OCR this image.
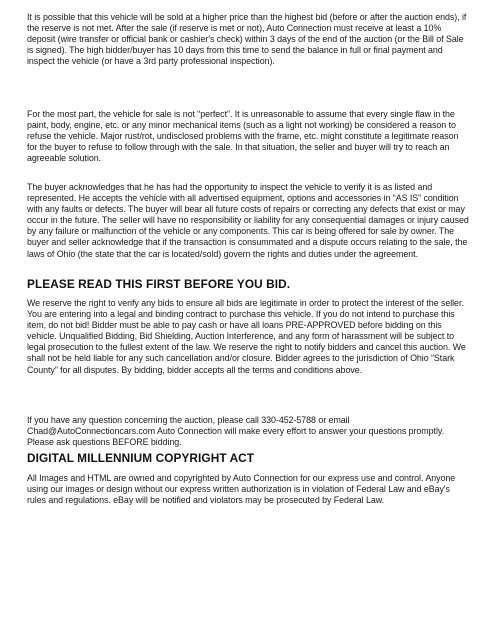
It is possible that this vehicle will be sold at a higher price than the highest bid (before or after the auction ends), if the reserve is not met. After the sale (if reserve is met or not), Auto Connection must receive at least a 10% deposit (wire transfer or official bank or cashier's check) within 3 days of the end of the auction (or the Bill of Sale is signed). The high bidder/buyer has 10 days from this time to send the balance in full or final payment and inspect the vehicle (or have a 3rd party professional inspection).

For the most part, the vehicle for sale is not “perfect”. It is unreasonable to assume that every single flaw in the paint, body, engine, etc. or any minor mechanical items (such as a light not working) be considered a reason to refuse the vehicle. Major rust/rot, undisclosed problems with the frame, etc. might constitute a legitimate reason for the buyer to refuse to follow through with the sale. In that situation, the seller and buyer will try to reach an agreeable solution.

The buyer acknowledges that he has had the opportunity to inspect the vehicle to verify it is as listed and represented. He accepts the vehicle with all advertised equipment, options and accessories in “AS IS” condition with any faults or defects. The buyer will bear all future costs of repairs or correcting any defects that exist or may occur in the future. The seller will have no responsibility or liability for any consequential damages or injury caused by any failure or malfunction of the vehicle or any components. This car is being offered for sale by owner. The buyer and seller acknowledge that if the transaction is consummated and a dispute occurs relating to the sale, the laws of Ohio (the state that the car is located/sold) govern the rights and duties under the agreement.

PLEASE READ THIS FIRST BEFORE YOU BID.

We reserve the right to verify any bids to ensure all bids are legitimate in order to protect the interest of the seller. You are entering into a legal and binding contract to purchase this vehicle. If you do not intend to purchase this item, do not bid! Bidder must be able to pay cash or have all loans PRE-APPROVED before bidding on this vehicle. Unqualified Bidding, Bid Shielding, Auction Interference, and any form of harassment will be subject to legal prosecution to the fullest extent of the law. We reserve the right to notify bidders and cancel this auction. We shall not be held liable for any such cancellation and/or closure. Bidder agrees to the jurisdiction of Ohio “Stark County” for all disputes. By bidding, bidder accepts all the terms and conditions above.

If you have any question concerning the auction, please call 330-452-5788 or email Chad@AutoConnectioncars.com Auto Connection will make every effort to answer your questions promptly. Please ask questions BEFORE bidding.

DIGITAL MILLENNIUM COPYRIGHT ACT

All Images and HTML are owned and copyrighted by Auto Connection for our express use and control. Anyone using our images or design without our express written authorization is in violation of Federal Law and eBay's rules and regulations. eBay will be notified and violators may be prosecuted by Federal Law.
